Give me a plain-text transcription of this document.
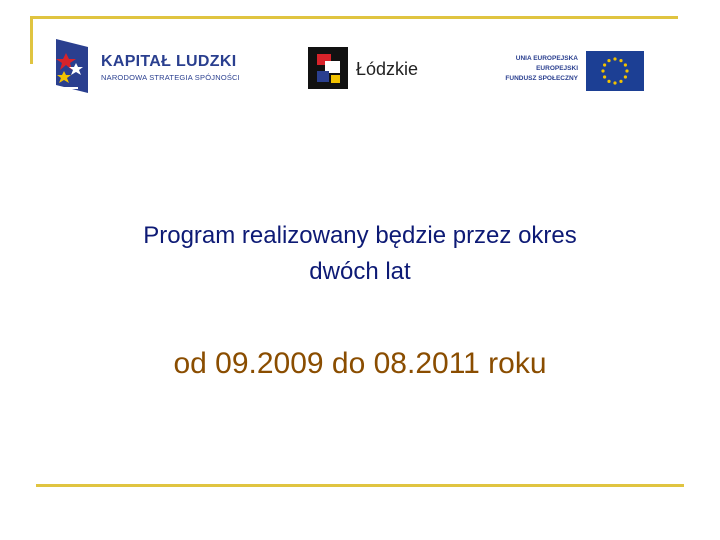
KAPITAŁ LUDZKI
NARODOWA STRATEGIA SPÓJNOŚCI	Łódzkie
UNIA EUROPEJSKA
EUROPEJSKI
FUNDUSZ SPOŁECZNY
Program realizowany będzie przez okres
dwóch lat
od 09.2009 do 08.2011 roku
